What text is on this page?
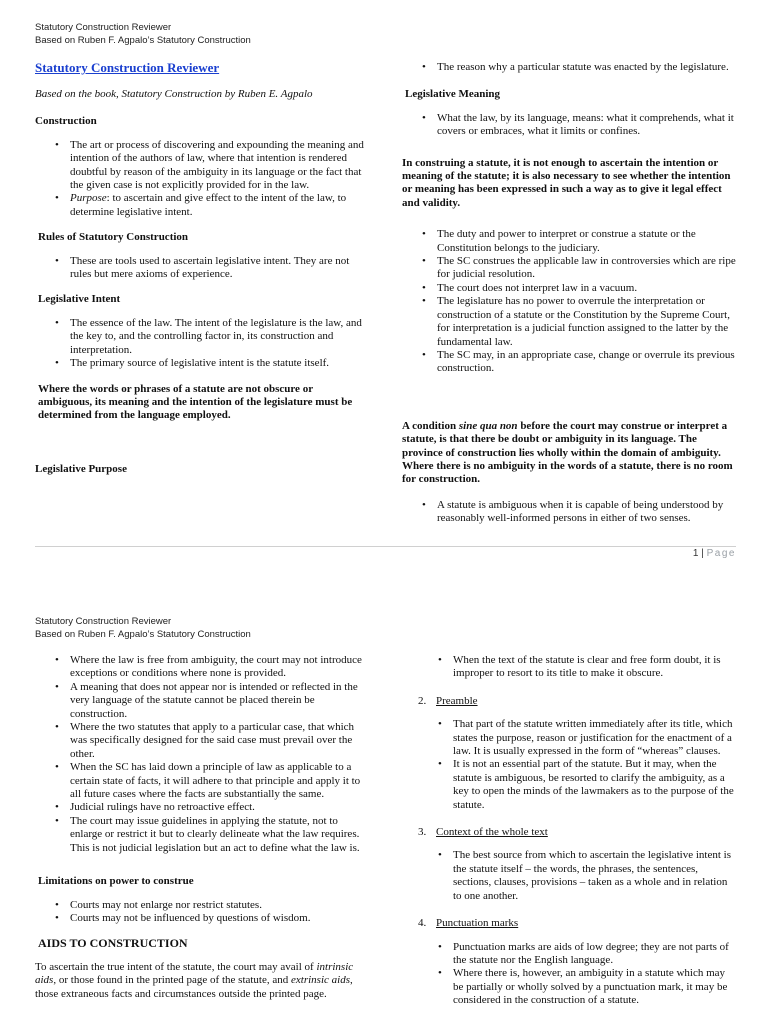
Statutory Construction Reviewer
Based on Ruben F. Agpalo’s Statutory Construction
Statutory Construction Reviewer
Based on the book, Statutory Construction by Ruben E. Agpalo
Construction
• The art or process of discovering and expounding the meaning and intention of the authors of law, where that intention is rendered doubtful by reason of the ambiguity in its language or the fact that the given case is not explicitly provided for in the law.
• Purpose: to ascertain and give effect to the intent of the law, to determine legislative intent.
Rules of Statutory Construction
• These are tools used to ascertain legislative intent. They are not rules but mere axioms of experience.
Legislative Intent
• The essence of the law. The intent of the legislature is the law, and the key to, and the controlling factor in, its construction and interpretation.
• The primary source of legislative intent is the statute itself.
Where the words or phrases of a statute are not obscure or ambiguous, its meaning and the intention of the legislature must be determined from the language employed.
Legislative Purpose
• The reason why a particular statute was enacted by the legislature.
Legislative Meaning
• What the law, by its language, means: what it comprehends, what it covers or embraces, what it limits or confines.
In construing a statute, it is not enough to ascertain the intention or meaning of the statute; it is also necessary to see whether the intention or meaning has been expressed in such a way as to give it legal effect and validity.
• The duty and power to interpret or construe a statute or the Constitution belongs to the judiciary.
• The SC construes the applicable law in controversies which are ripe for judicial resolution.
• The court does not interpret law in a vacuum.
• The legislature has no power to overrule the interpretation or construction of a statute or the Constitution by the Supreme Court, for interpretation is a judicial function assigned to the latter by the fundamental law.
• The SC may, in an appropriate case, change or overrule its previous construction.
A condition sine qua non before the court may construe or interpret a statute, is that there be doubt or ambiguity in its language. The province of construction lies wholly within the domain of ambiguity. Where there is no ambiguity in the words of a statute, there is no room for construction.
• A statute is ambiguous when it is capable of being understood by reasonably well-informed persons in either of two senses.
1 | Page
Statutory Construction Reviewer
Based on Ruben F. Agpalo’s Statutory Construction
• Where the law is free from ambiguity, the court may not introduce exceptions or conditions where none is provided.
• A meaning that does not appear nor is intended or reflected in the very language of the statute cannot be placed therein be construction.
• Where the two statutes that apply to a particular case, that which was specifically designed for the said case must prevail over the other.
• When the SC has laid down a principle of law as applicable to a certain state of facts, it will adhere to that principle and apply it to all future cases where the facts are substantially the same.
• Judicial rulings have no retroactive effect.
• The court may issue guidelines in applying the statute, not to enlarge or restrict it but to clearly delineate what the law requires. This is not judicial legislation but an act to define what the law is.
Limitations on power to construe
• Courts may not enlarge nor restrict statutes.
• Courts may not be influenced by questions of wisdom.
AIDS TO CONSTRUCTION
To ascertain the true intent of the statute, the court may avail of intrinsic aids, or those found in the printed page of the statute, and extrinsic aids, those extraneous facts and circumstances outside the printed page.
• When the text of the statute is clear and free form doubt, it is improper to resort to its title to make it obscure.
2. Preamble
• That part of the statute written immediately after its title, which states the purpose, reason or justification for the enactment of a law. It is usually expressed in the form of “whereas” clauses.
• It is not an essential part of the statute. But it may, when the statute is ambiguous, be resorted to clarify the ambiguity, as a key to open the minds of the lawmakers as to the purpose of the statute.
3. Context of the whole text
• The best source from which to ascertain the legislative intent is the statute itself – the words, the phrases, the sentences, sections, clauses, provisions – taken as a whole and in relation to one another.
4. Punctuation marks
• Punctuation marks are aids of low degree; they are not parts of the statute nor the English language.
• Where there is, however, an ambiguity in a statute which may be partially or wholly solved by a punctuation mark, it may be considered in the construction of a statute.
